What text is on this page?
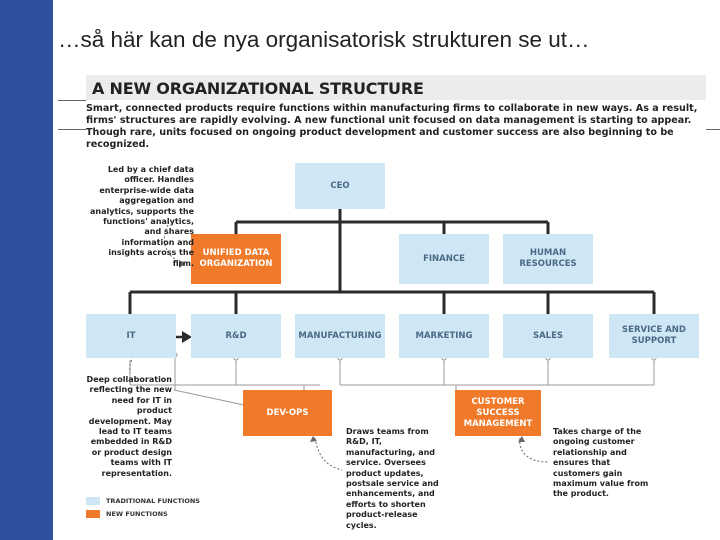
…så här kan de nya organisatorisk strukturen se ut…
A NEW ORGANIZATIONAL STRUCTURE
Smart, connected products require functions within manufacturing firms to collaborate in new ways. As a result, firms' structures are rapidly evolving. A new functional unit focused on data management is starting to appear. Though rare, units focused on ongoing product development and customer success are also beginning to be recognized.
CEO
UNIFIED DATA ORGANIZATION
FINANCE
HUMAN RESOURCES
IT	R&D	MANUFACTURING	MARKETING	SALES
SERVICE AND SUPPORT
DEV-OPS
CUSTOMER SUCCESS MANAGEMENT
Led by a chief data officer. Handles enterprise-wide data aggregation and analytics, supports the functions' analytics, and shares information and insights across the firm.
Deep collaboration reflecting the new need for IT in product development. May lead to IT teams embedded in R&D or product design teams with IT representation.
Draws teams from R&D, IT, manufacturing, and service. Oversees product updates, postsale service and enhancements, and efforts to shorten product-release cycles.
Takes charge of the ongoing customer relationship and ensures that customers gain maximum value from the product.
TRADITIONAL FUNCTIONS
NEW FUNCTIONS
